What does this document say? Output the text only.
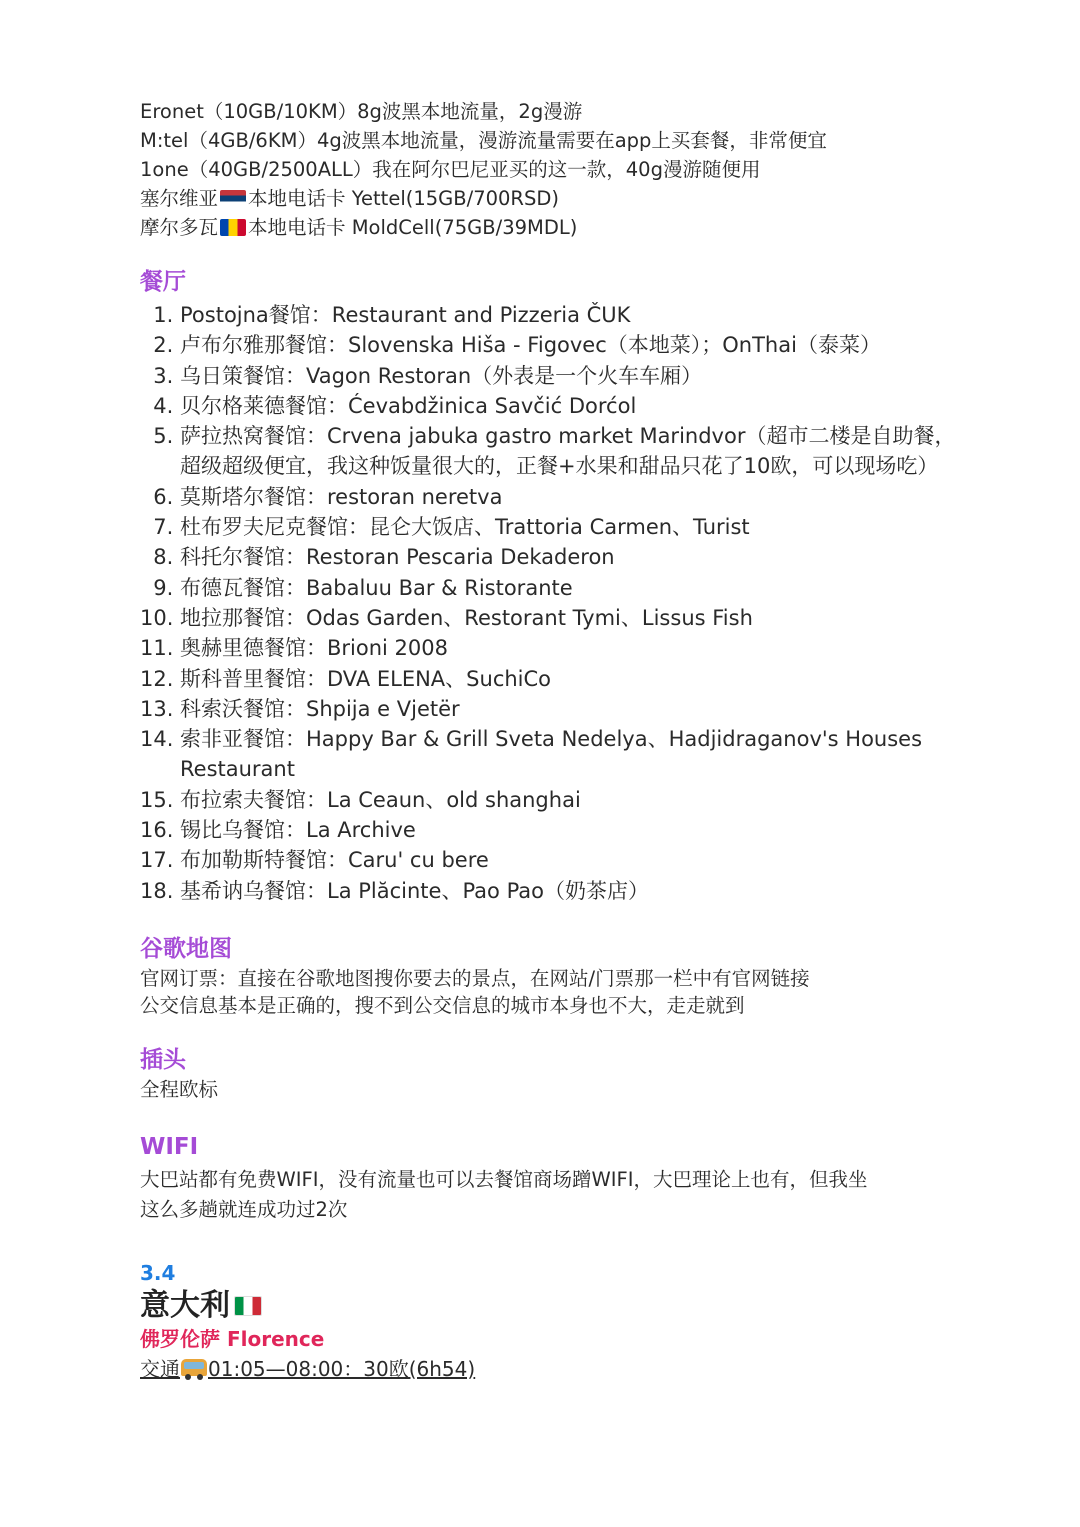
Eronet（10GB/10KM）8g波黑本地流量，2g漫游
M:tel（4GB/6KM）4g波黑本地流量，漫游流量需要在app上买套餐，非常便宜
1one（40GB/2500ALL）我在阿尔巴尼亚买的这一款，40g漫游随便用
塞尔维亚 本地电话卡 Yettel(15GB/700RSD)
摩尔多瓦 本地电话卡 MoldCell(75GB/39MDL)
餐厅
1. Postojna餐馆：Restaurant and Pizzeria ČUK
2. 卢布尔雅那餐馆：Slovenska Hiša - Figovec（本地菜）；OnThai（泰菜）
3. 乌日策餐馆：Vagon Restoran（外表是一个火车车厢）
4. 贝尔格莱德餐馆：Ćevabdžinica Savčić Dorćol
5. 萨拉热窝餐馆：Crvena jabuka gastro market Marindvor（超市二楼是自助餐，超级超级便宜，我这种饭量很大的，正餐+水果和甜品只花了10欧，可以现场吃）
6. 莫斯塔尔餐馆：restoran neretva
7. 杜布罗夫尼克餐馆：昆仑大饭店、Trattoria Carmen、Turist
8. 科托尔餐馆：Restoran Pescaria Dekaderon
9. 布德瓦餐馆：Babaluu Bar & Ristorante
10. 地拉那餐馆：Odas Garden、Restorant Tymi、Lissus Fish
11. 奥赫里德餐馆：Brioni 2008
12. 斯科普里餐馆：DVA ELENA、SuchiCo
13. 科索沃餐馆：Shpija e Vjetër
14. 索非亚餐馆：Happy Bar & Grill Sveta Nedelya、Hadjidraganov's Houses Restaurant
15. 布拉索夫餐馆：La Ceaun、old shanghai
16. 锡比乌餐馆：La Archive
17. 布加勒斯特餐馆：Caru' cu bere
18. 基希讷乌餐馆：La Plăcinte、Pao Pao（奶茶店）
谷歌地图
官网订票：直接在谷歌地图搜你要去的景点，在网站/门票那一栏中有官网链接
公交信息基本是正确的，搜不到公交信息的城市本身也不大，走走就到
插头
全程欧标
WIFI
大巴站都有免费WIFI，没有流量也可以去餐馆商场蹭WIFI，大巴理论上也有，但我坐
这么多趟就连成功过2次
3.4
意大利
佛罗伦萨 Florence
交通 01:05—08:00：30欧(6h54)
